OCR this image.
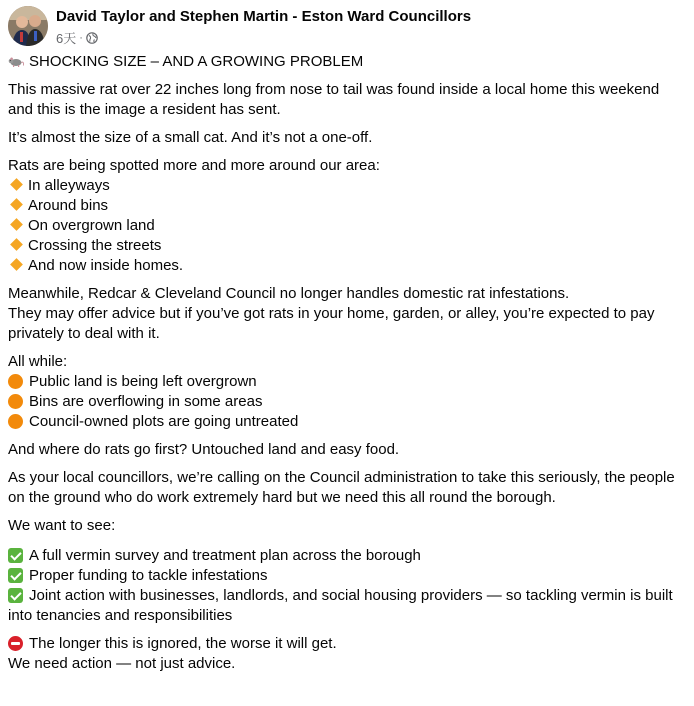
David Taylor and Stephen Martin - Eston Ward Councillors
6天 ·

SHOCKING SIZE – AND A GROWING PROBLEM

This massive rat over 22 inches long from nose to tail was found inside a local home this weekend and this is the image a resident has sent.

It’s almost the size of a small cat. And it’s not a one-off.

Rats are being spotted more and more around our area:
In alleyways
Around bins
On overgrown land
Crossing the streets
And now inside homes.

Meanwhile, Redcar & Cleveland Council no longer handles domestic rat infestations.
They may offer advice but if you’ve got rats in your home, garden, or alley, you’re expected to pay privately to deal with it.

All while:
Public land is being left overgrown
Bins are overflowing in some areas
Council-owned plots are going untreated

And where do rats go first? Untouched land and easy food.

As your local councillors, we’re calling on the Council administration to take this seriously, the people on the ground who do work extremely hard but we need this all round the borough.

We want to see:

A full vermin survey and treatment plan across the borough
Proper funding to tackle infestations
Joint action with businesses, landlords, and social housing providers — so tackling vermin is built into tenancies and responsibilities

The longer this is ignored, the worse it will get.
We need action — not just advice.
